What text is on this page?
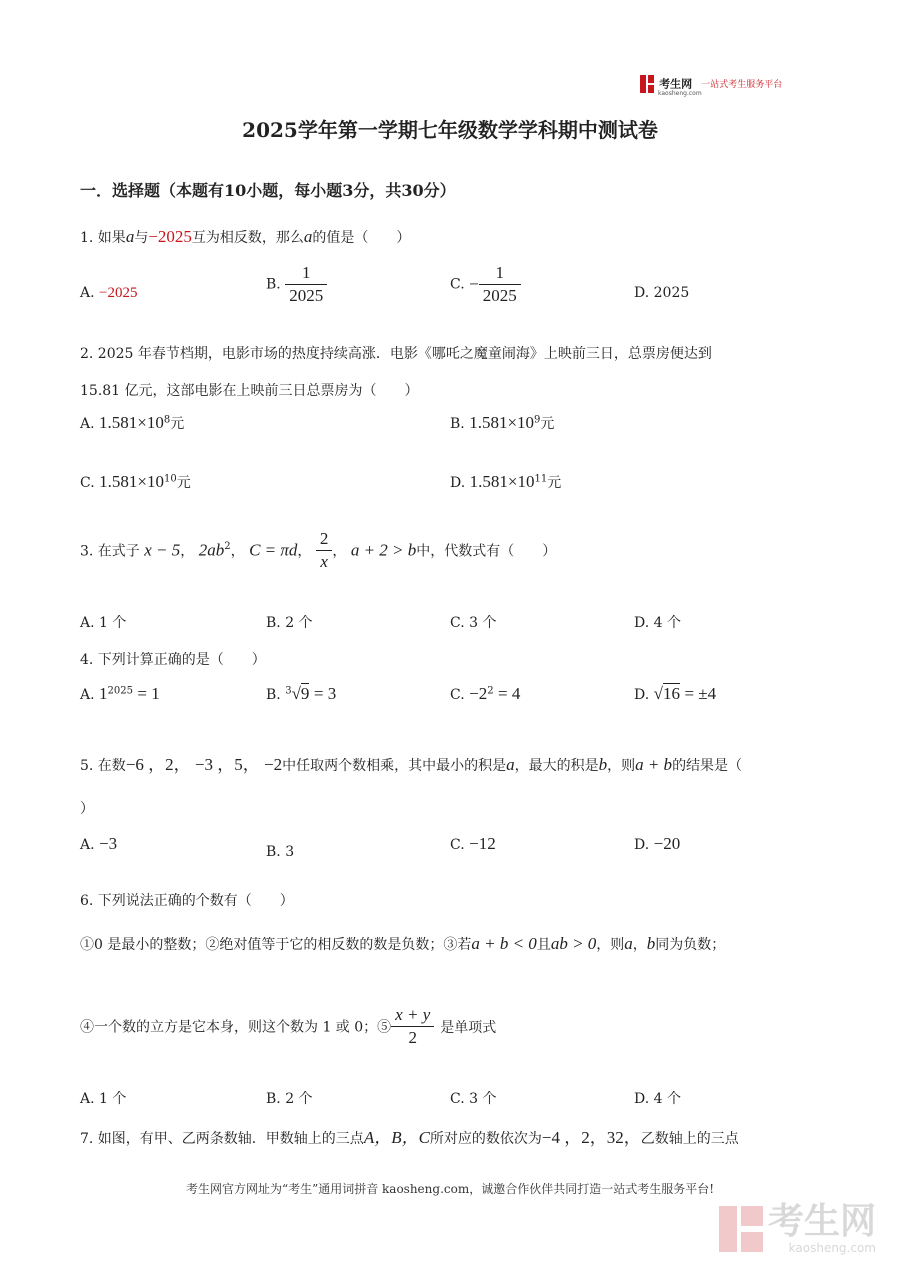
考生网 一站式考生服务平台
kaosheng.com
2025学年第一学期七年级数学学科期中测试卷
一．选择题（本题有10小题，每小题3分，共30分）
1. 如果a与−2025互为相反数，那么a的值是（　　）
A. −2025
B. $\frac{1}{2025}$	C. − $\frac{1}{2025}$	D. 2025
2. 2025 年春节档期，电影市场的热度持续高涨．电影《哪吒之魔童闹海》上映前三日，总票房便达到
15.81 亿元，这部电影在上映前三日总票房为（　　）
A. $1.581\times 10^8$元	B. $1.581\times 10^9$元
C. $1.581\times 10^{10}$元	D. $1.581\times 10^{11}$元
3. 在式子 x − 5， $2ab^2$， C = πd， $\frac{2}{x}$ ， a + 2 > b中，代数式有（　　）
A. 1 个	B. 2 个	C. 3 个	D. 4 个
4. 下列计算正确的是（　　）
A. $1^{2025} = 1$	B. $^3$√9 = 3	C. $-2^2 = 4$	D. √16 = ±4
5. 在数−6 ，2， −3 ，5， −2中任取两个数相乘，其中最小的积是a，最大的积是b，则a + b的结果是（
）
A. −3	B. 3	C. −12	D. −20
6. 下列说法正确的个数有（　　）
①0 是最小的整数；②绝对值等于它的相反数的数是负数；③若a + b < 0且ab > 0，则a，b同为负数；
④一个数的立方是它本身，则这个数为 1 或 0；⑤ $\frac{x + y}{2}$ 是单项式
A. 1 个	B. 2 个	C. 3 个	D. 4 个
7. 如图，有甲、乙两条数轴．甲数轴上的三点A，B，C所对应的数依次为−4 ，2，32，乙数轴上的三点
考生网官方网址为“考生”通用词拼音 kaosheng.com，诚邀合作伙伴共同打造一站式考生服务平台!

考生网
kaosheng.com
